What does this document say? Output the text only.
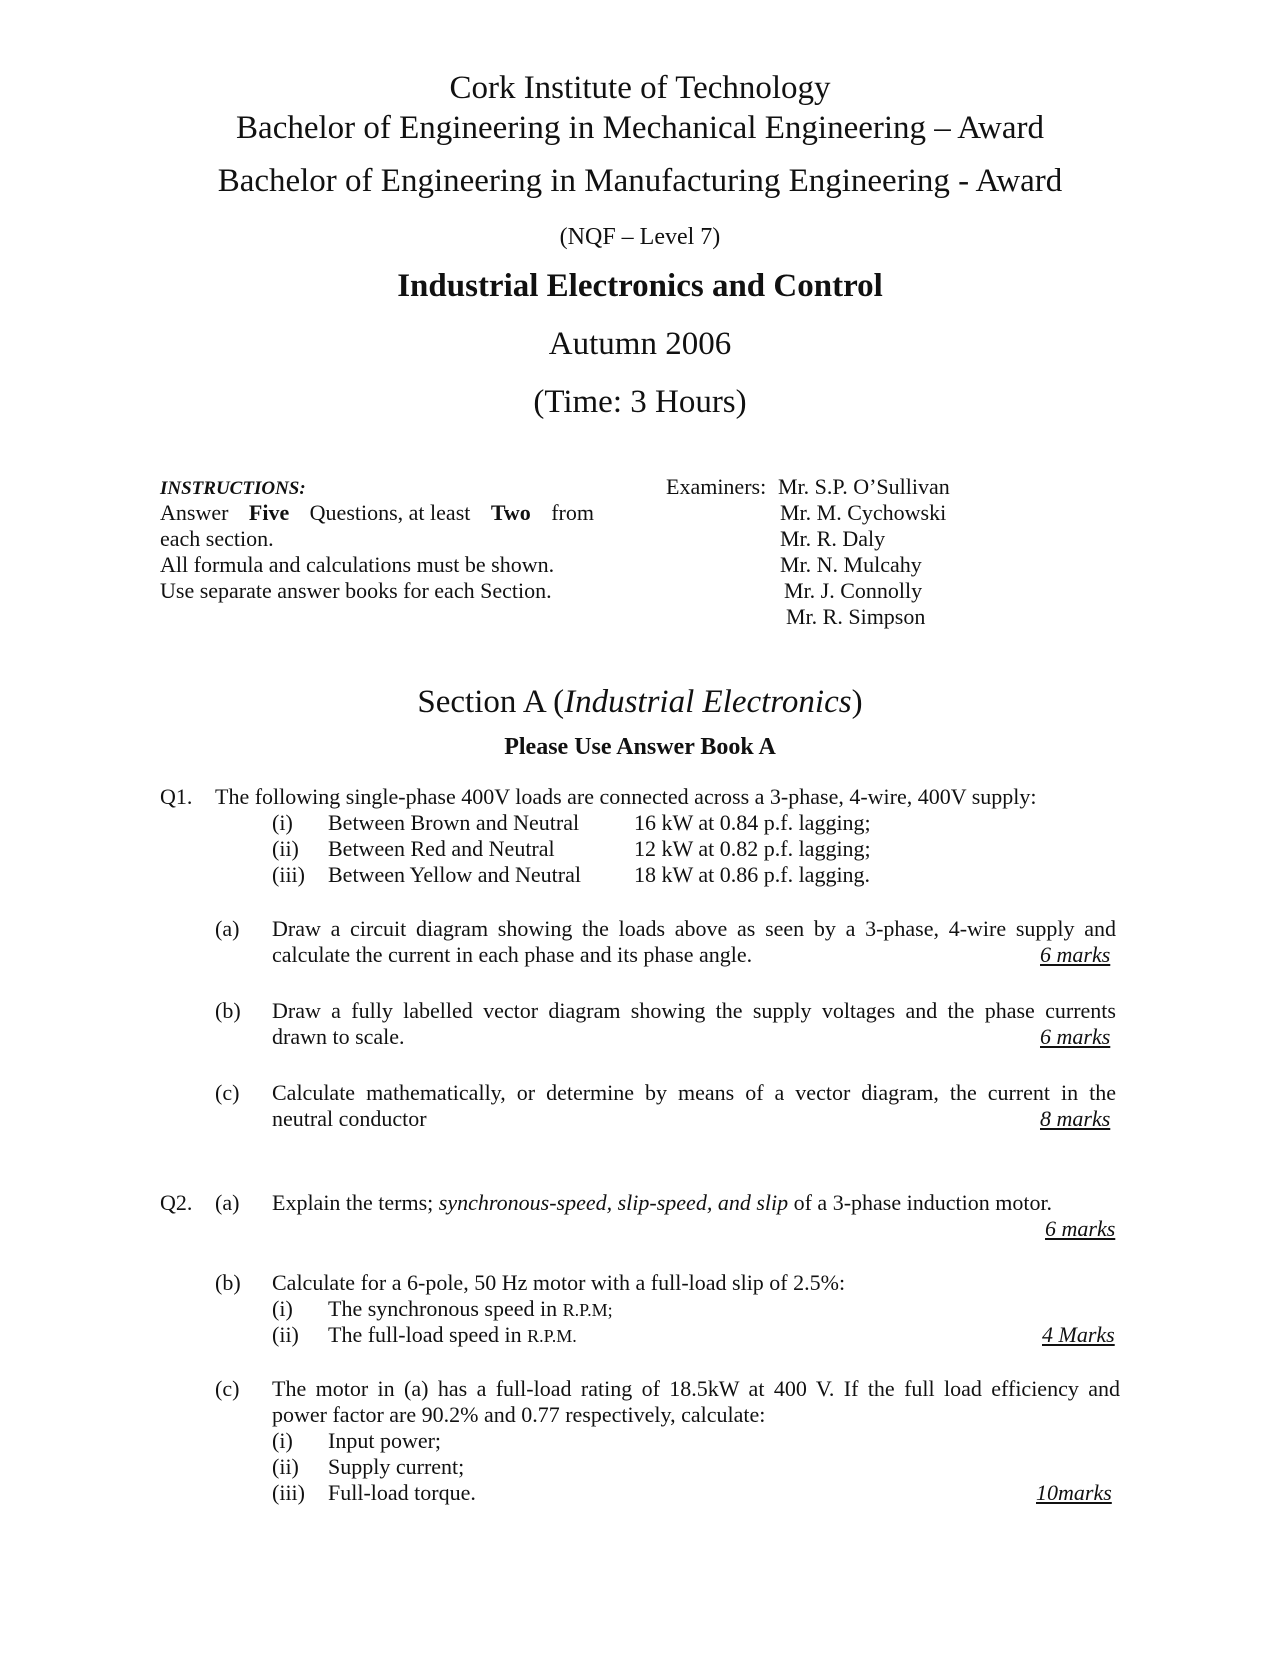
Cork Institute of Technology
Bachelor of Engineering in Mechanical Engineering – Award
Bachelor of Engineering in Manufacturing Engineering - Award
(NQF – Level 7)
Industrial Electronics and Control
Autumn 2006
(Time: 3 Hours)
INSTRUCTIONS:
Answer Five Questions, at least Two from
each section.
All formula and calculations must be shown.
Use separate answer books for each Section.
Examiners: Mr. S.P. O’Sullivan
Mr. M. Cychowski
Mr. R. Daly
Mr. N. Mulcahy
Mr. J. Connolly
Mr. R. Simpson
Section A (Industrial Electronics)
Please Use Answer Book A
Q1. The following single-phase 400V loads are connected across a 3-phase, 4-wire, 400V supply:
(i) Between Brown and Neutral 16 kW at 0.84 p.f. lagging;
(ii) Between Red and Neutral	12 kW at 0.82 p.f. lagging;
(iii) Between Yellow and Neutral 18 kW at 0.86 p.f. lagging.
(a) Draw a circuit diagram showing the loads above as seen by a 3-phase, 4-wire supply and
calculate the current in each phase and its phase angle.	6 marks
(b) Draw a fully labelled vector diagram showing the supply voltages and the phase currents
drawn to scale.	6 marks
(c) Calculate mathematically, or determine by means of a vector diagram, the current in the
neutral conductor	8 marks
Q2. (a) Explain the terms; synchronous-speed, slip-speed, and slip of a 3-phase induction motor.
6 marks
(b) Calculate for a 6-pole, 50 Hz motor with a full-load slip of 2.5%:
(i) The synchronous speed in R.P.M;
(ii) The full-load speed in R.P.M.	4 Marks
(c) The motor in (a) has a full-load rating of 18.5kW at 400 V. If the full load efficiency and
power factor are 90.2% and 0.77 respectively, calculate:
(i) Input power;
(ii) Supply current;
(iii) Full-load torque.	10marks
